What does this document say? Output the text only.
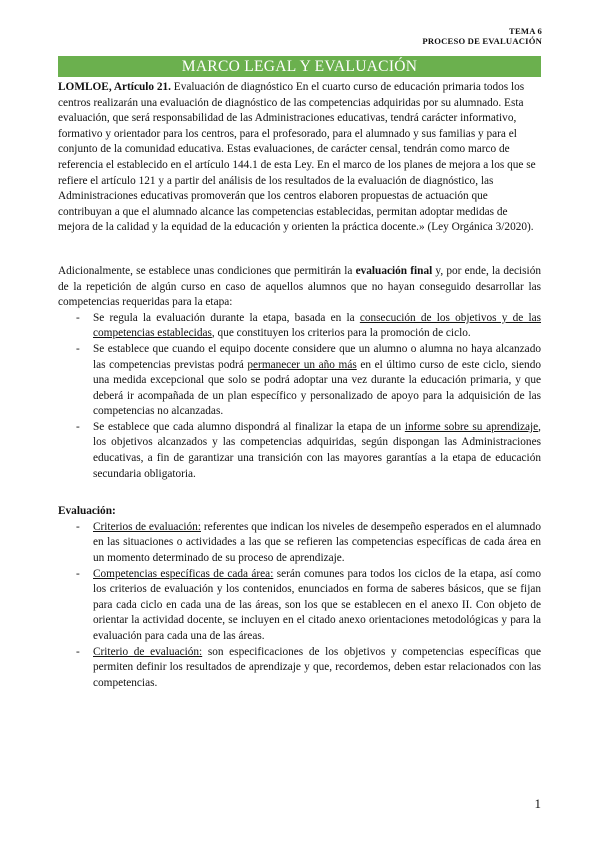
TEMA 6
PROCESO DE EVALUACIÓN
MARCO LEGAL Y EVALUACIÓN

LOMLOE, Artículo 21. Evaluación de diagnóstico En el cuarto curso de educación primaria todos los centros realizarán una evaluación de diagnóstico de las competencias adquiridas por su alumnado. Esta evaluación, que será responsabilidad de las Administraciones educativas, tendrá carácter informativo, formativo y orientador para los centros, para el profesorado, para el alumnado y sus familias y para el conjunto de la comunidad educativa. Estas evaluaciones, de carácter censal, tendrán como marco de referencia el establecido en el artículo 144.1 de esta Ley. En el marco de los planes de mejora a los que se refiere el artículo 121 y a partir del análisis de los resultados de la evaluación de diagnóstico, las Administraciones educativas promoverán que los centros elaboren propuestas de actuación que contribuyan a que el alumnado alcance las competencias establecidas, permitan adoptar medidas de mejora de la calidad y la equidad de la educación y orienten la práctica docente.» (Ley Orgánica 3/2020).

Adicionalmente, se establece unas condiciones que permitirán la evaluación final y, por ende, la decisión de la repetición de algún curso en caso de aquellos alumnos que no hayan conseguido desarrollar las competencias requeridas para la etapa:

- Se regula la evaluación durante la etapa, basada en la consecución de los objetivos y de las competencias establecidas, que constituyen los criterios para la promoción de ciclo.
- Se establece que cuando el equipo docente considere que un alumno o alumna no haya alcanzado las competencias previstas podrá permanecer un año más en el último curso de este ciclo, siendo una medida excepcional que solo se podrá adoptar una vez durante la educación primaria, y que deberá ir acompañada de un plan específico y personalizado de apoyo para la adquisición de las competencias no alcanzadas.
- Se establece que cada alumno dispondrá al finalizar la etapa de un informe sobre su aprendizaje, los objetivos alcanzados y las competencias adquiridas, según dispongan las Administraciones educativas, a fin de garantizar una transición con las mayores garantías a la etapa de educación secundaria obligatoria.

Evaluación:

- Criterios de evaluación: referentes que indican los niveles de desempeño esperados en el alumnado en las situaciones o actividades a las que se refieren las competencias específicas de cada área en un momento determinado de su proceso de aprendizaje.
- Competencias específicas de cada área: serán comunes para todos los ciclos de la etapa, así como los criterios de evaluación y los contenidos, enunciados en forma de saberes básicos, que se fijan para cada ciclo en cada una de las áreas, son los que se establecen en el anexo II. Con objeto de orientar la actividad docente, se incluyen en el citado anexo orientaciones metodológicas y para la evaluación para cada una de las áreas.
- Criterio de evaluación: son especificaciones de los objetivos y competencias específicas que permiten definir los resultados de aprendizaje y que, recordemos, deben estar relacionados con las competencias.
1
